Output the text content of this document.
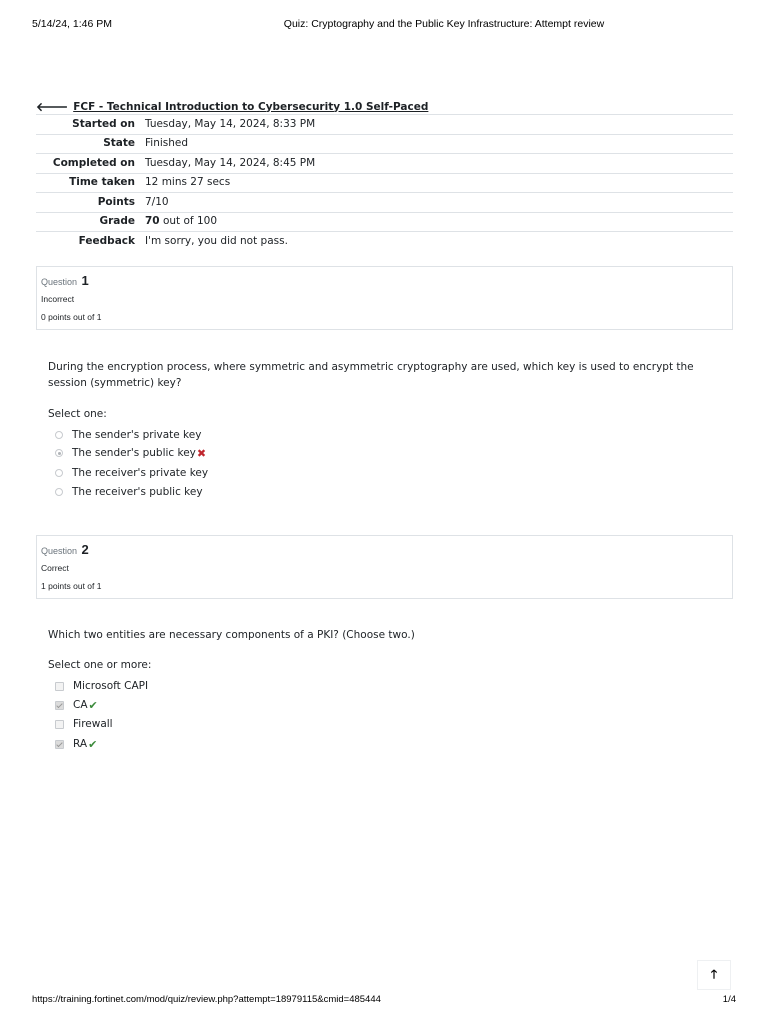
5/14/24, 1:46 PM	Quiz: Cryptography and the Public Key Infrastructure: Attempt review
🡐 FCF - Technical Introduction to Cybersecurity 1.0 Self-Paced
Started on	Tuesday, May 14, 2024, 8:33 PM
State	Finished
Completed on	Tuesday, May 14, 2024, 8:45 PM
Time taken	12 mins 27 secs
Points	7/10
Grade	70 out of 100
Feedback	I'm sorry, you did not pass.
Question 1
Incorrect
0 points out of 1
During the encryption process, where symmetric and asymmetric cryptography are used, which key is used to encrypt the session (symmetric) key?
Select one:
The sender's private key
The sender's public key ✖
The receiver's private key
The receiver's public key
Question 2
Correct
1 points out of 1
Which two entities are necessary components of a PKI? (Choose two.)
Select one or more:
Microsoft CAPI
CA ✔
Firewall
RA ✔
🡑
https://training.fortinet.com/mod/quiz/review.php?attempt=18979115&cmid=485444	1/4
